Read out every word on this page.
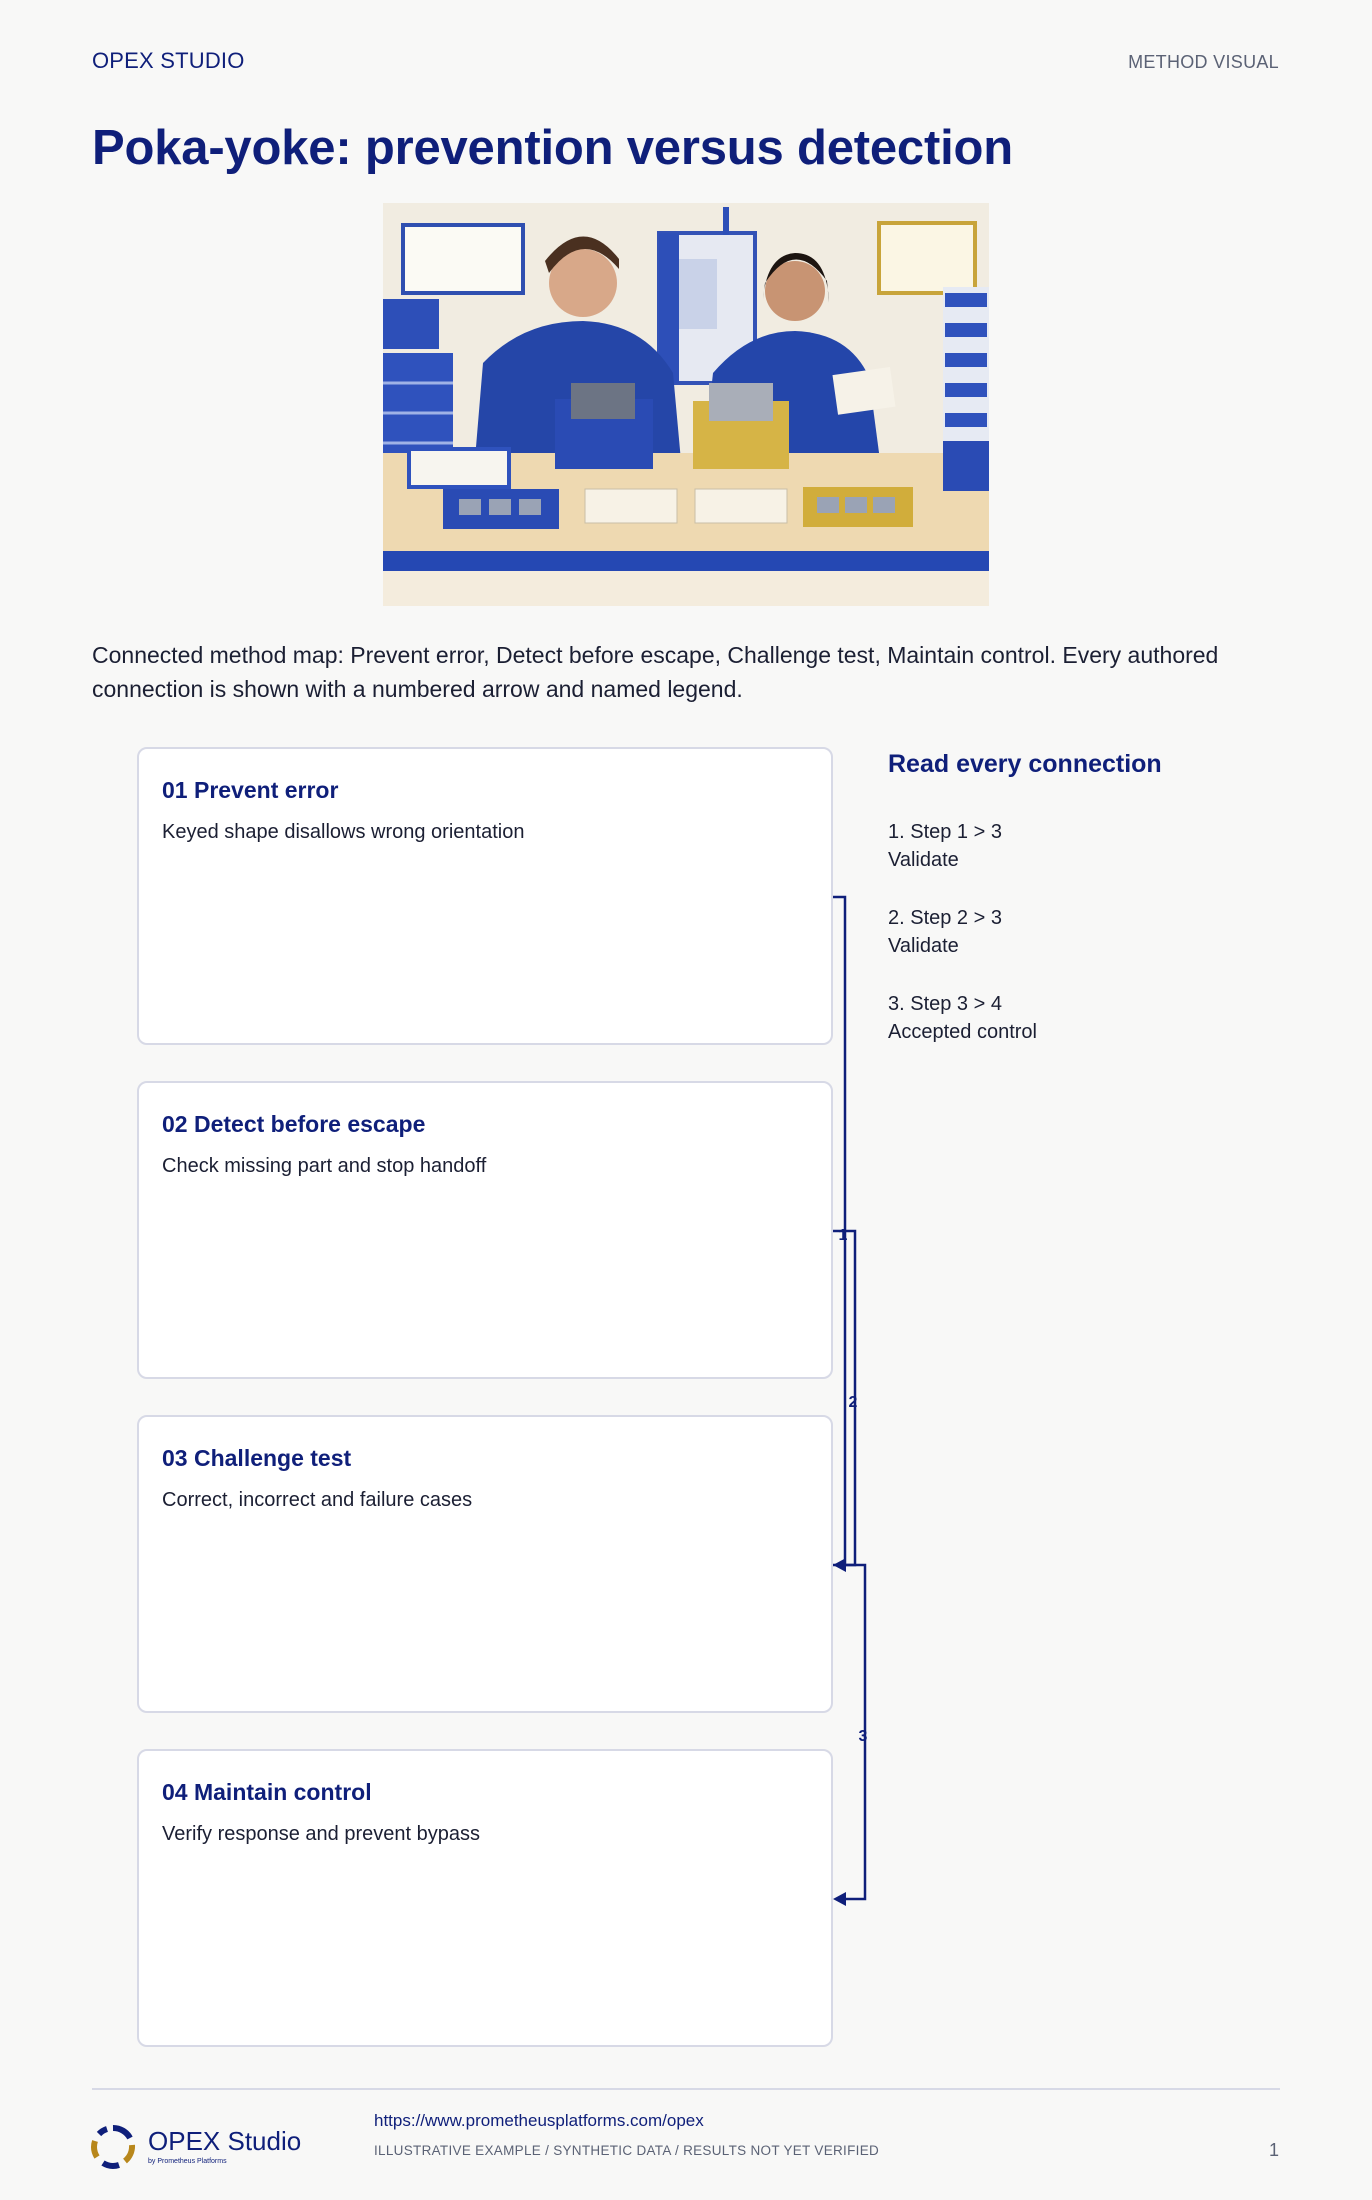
OPEX STUDIO	METHOD VISUAL
Poka-yoke: prevention versus detection

Connected method map: Prevent error, Detect before escape, Challenge test, Maintain control. Every authored connection is shown with a numbered arrow and named legend.

01 Prevent error
Keyed shape disallows wrong orientation
02 Detect before escape
Check missing part and stop handoff
03 Challenge test
Correct, incorrect and failure cases
04 Maintain control
Verify response and prevent bypass
1
2
3
Read every connection
1. Step 1 > 3
Validate
2. Step 2 > 3
Validate
3. Step 3 > 4
Accepted control
OPEX Studio
by Prometheus Platforms
https://www.prometheusplatforms.com/opex
ILLUSTRATIVE EXAMPLE / SYNTHETIC DATA / RESULTS NOT YET VERIFIED	1
